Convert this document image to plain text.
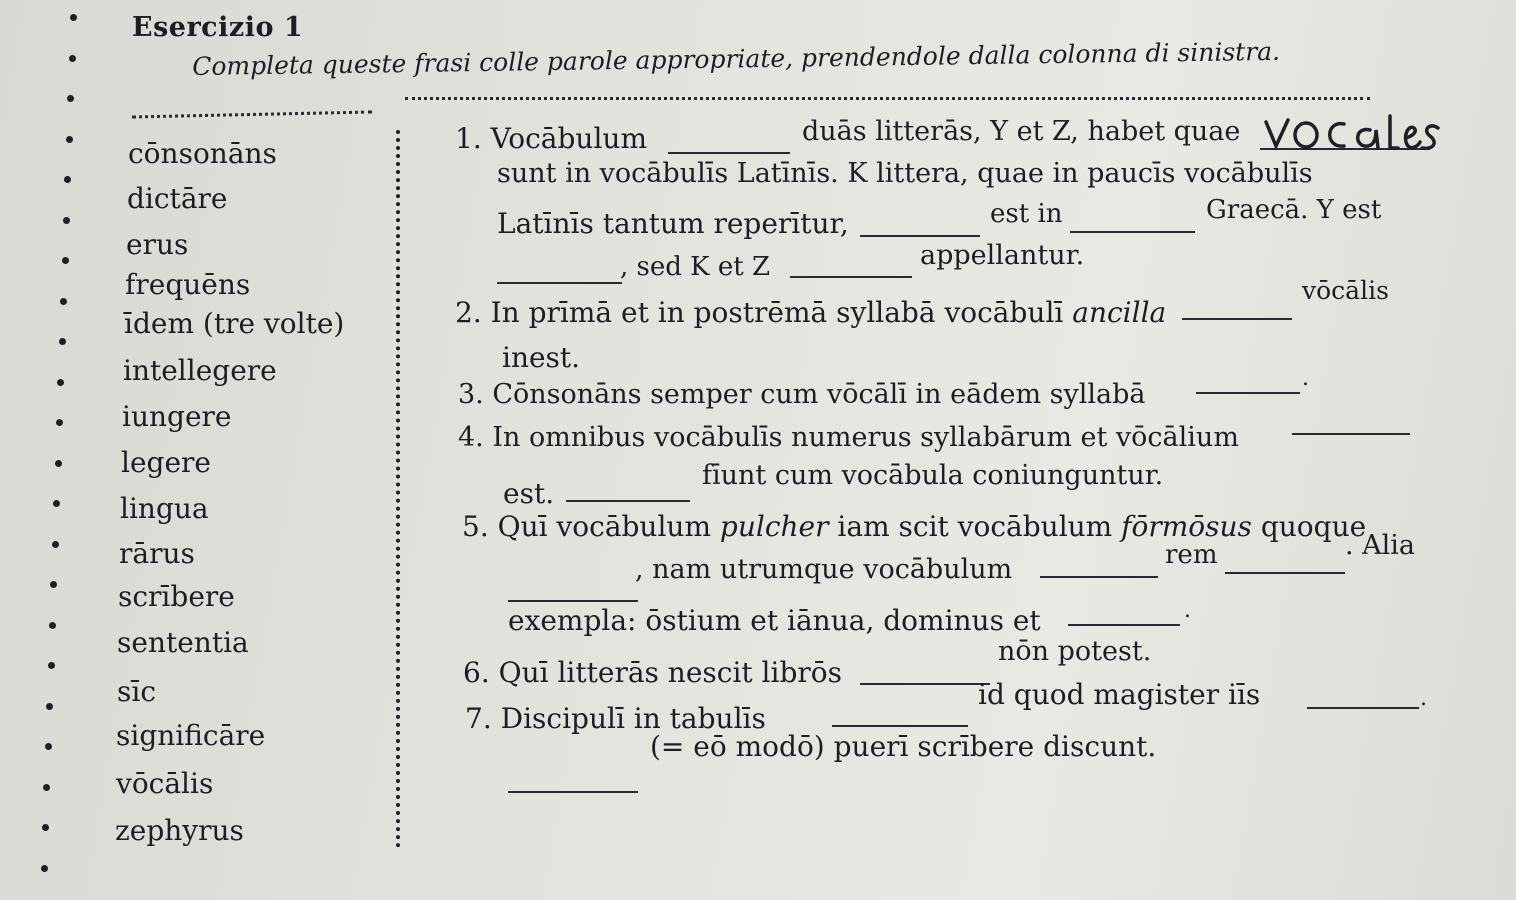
Esercizio 1
Completa queste frasi colle parole appropriate, prendendole dalla colonna di sinistra.
cōnsonāns
dictāre
erus
frequēns
īdem (tre volte)
intellegere
iungere
legere
lingua
rārus
scrībere
sententia
sīc
significāre
vōcālis
zephyrus
1. Vocābulum	duās litterās, Y et Z, habet quae
sunt in vocābulīs Latīnīs. K littera, quae in paucīs vocābulīs
Latīnīs tantum reperītur,	est in	Graecā. Y est
, sed K et Z	appellantur.
2. In prīmā et in postrēmā syllabā vocābulī ancilla
vōcālis
inest.
3. Cōnsonāns semper cum vōcālī in eādem syllabā
.
4. In omnibus vocābulīs numerus syllabārum et vōcālium
est.
fīunt cum vocābula coniunguntur.
5. Quī vocābulum pulcher iam scit vocābulum fōrmōsus quoque
rem	. Alia
, nam utrumque vocābulum
exempla: ōstium et iānua, dominus et	.
nōn potest.
6. Quī litterās nescit librōs
id quod magister iīs	.
7. Discipulī in tabulīs
(= eō modō) puerī scrībere discunt.
